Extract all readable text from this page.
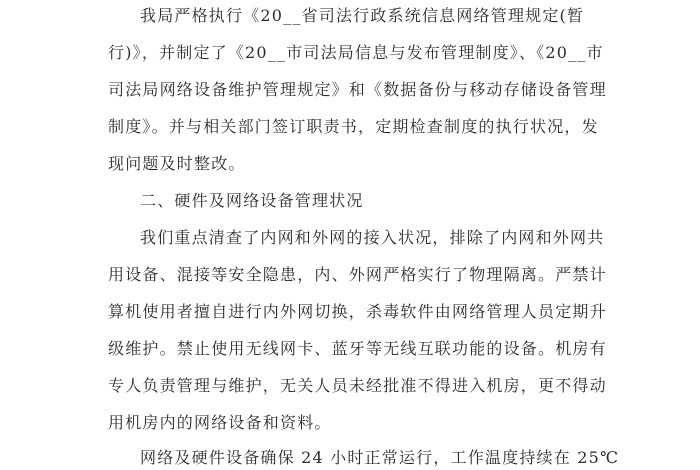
我局严格执行《20__省司法行政系统信息网络管理规定(暂
行)》，并制定了《20__市司法局信息与发布管理制度》、《20__市
司法局网络设备维护管理规定》和《数据备份与移动存储设备管理
制度》。并与相关部门签订职责书，定期检查制度的执行状况，发
现问题及时整改。
二、硬件及网络设备管理状况
我们重点清查了内网和外网的接入状况，排除了内网和外网共
用设备、混接等安全隐患，内、外网严格实行了物理隔离。严禁计
算机使用者擅自进行内外网切换，杀毒软件由网络管理人员定期升
级维护。禁止使用无线网卡、蓝牙等无线互联功能的设备。机房有
专人负责管理与维护，无关人员未经批准不得进入机房，更不得动
用机房内的网络设备和资料。
网络及硬件设备确保 24 小时正常运行，工作温度持续在 25℃
